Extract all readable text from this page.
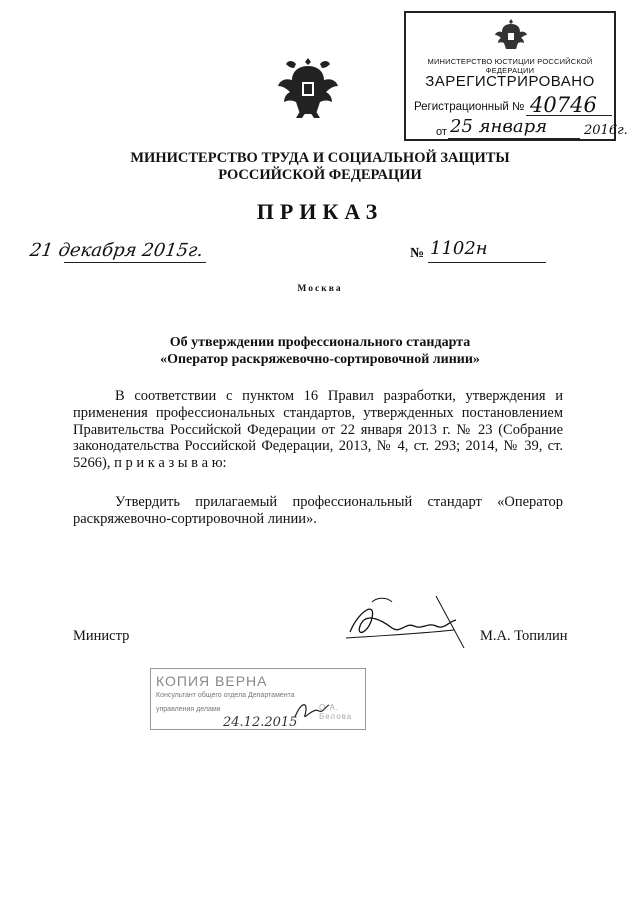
МИНИСТЕРСТВО ЮСТИЦИИ РОССИЙСКОЙ ФЕДЕРАЦИИ
ЗАРЕГИСТРИРОВАНО
Регистрационный № 40746
от 25 января	2016г.
МИНИСТЕРСТВО ТРУДА И СОЦИАЛЬНОЙ ЗАЩИТЫ
РОССИЙСКОЙ ФЕДЕРАЦИИ
ПРИКАЗ
21 декабря 2015г.	№ 1102н
Москва
Об утверждении профессионального стандарта
«Оператор раскряжевочно-сортировочной линии»
В соответствии с пунктом 16 Правил разработки, утверждения и применения профессиональных стандартов, утвержденных постановлением Правительства Российской Федерации от 22 января 2013 г. № 23 (Собрание законодательства Российской Федерации, 2013, № 4, ст. 293; 2014, № 39, ст. 5266), п р и к а з ы в а ю:
Утвердить прилагаемый профессиональный стандарт «Оператор раскряжевочно-сортировочной линии».
Министр	М.А. Топилин
КОПИЯ ВЕРНА
Консультант общего отдела Департамента
управления делами
24.12.2015
О.А. Белова
